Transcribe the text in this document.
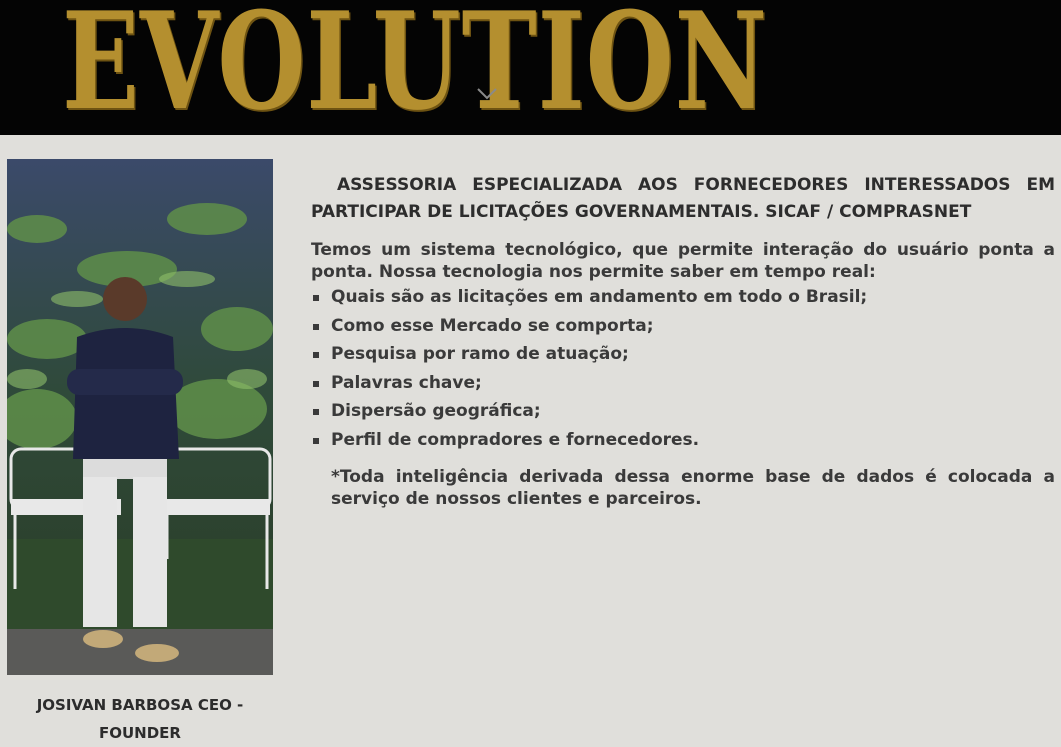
EVOLUTION
JOSIVAN BARBOSA CEO - FOUNDER

ASSESSORIA ESPECIALIZADA AOS FORNECEDORES INTERESSADOS EM PARTICIPAR DE LICITAÇÕES GOVERNAMENTAIS. SICAF / COMPRASNET

Temos um sistema tecnológico, que permite interação do usuário ponta a ponta. Nossa tecnologia nos permite saber em tempo real:

Quais são as licitações em andamento em todo o Brasil;
Como esse Mercado se comporta;
Pesquisa por ramo de atuação;
Palavras chave;
Dispersão geográfica;
Perfil de compradores e fornecedores.

*Toda inteligência derivada dessa enorme base de dados é colocada a serviço de nossos clientes e parceiros.
